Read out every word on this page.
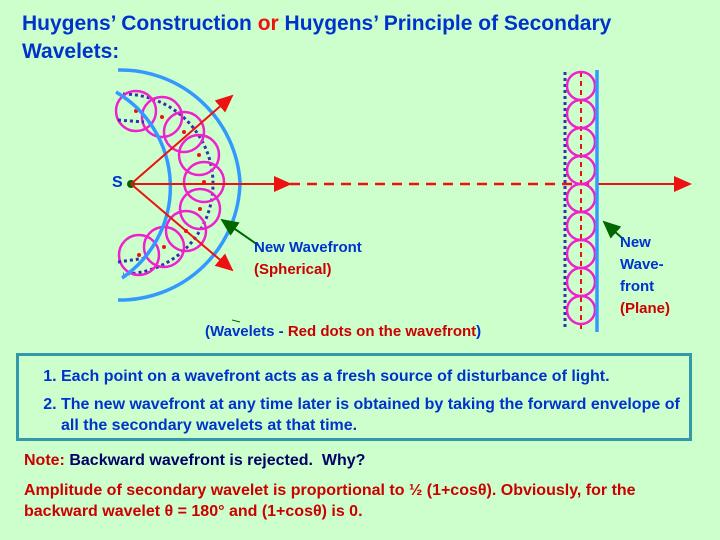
Huygens’ Construction or Huygens’ Principle of Secondary Wavelets:
S
New Wavefront
(Spherical)
New
Wave-
front
(Plane)
(Wavelets - Red dots on the wavefront)
1. Each point on a wavefront acts as a fresh source of disturbance of light.
2. The new wavefront at any time later is obtained by taking the forward envelope of all the secondary wavelets at that time.
Note: Backward wavefront is rejected.  Why?
Amplitude of secondary wavelet is proportional to ½ (1+cosθ). Obviously, for the backward wavelet θ = 180° and (1+cosθ) is 0.
